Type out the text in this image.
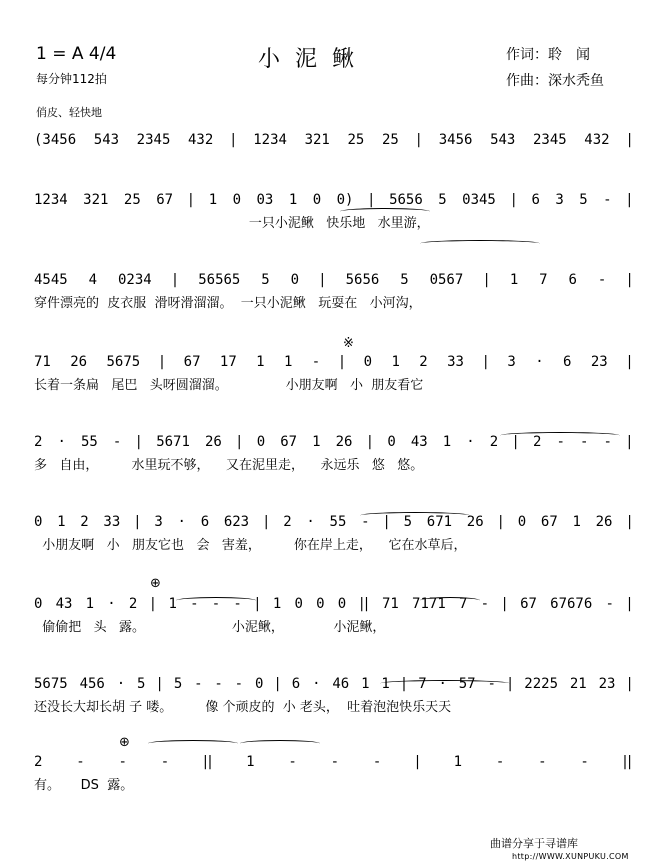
1 = A 4/4
每分钟112拍
小 泥 鳅	作词：聆　闻
作曲：深水秃鱼
俏皮、轻快地
(3456 543 2345 432 | 1234 321 25 25 | 3456 543 2345 432 |
1234 321 25 67 | 1 0 03 1 0 0) | 5656 5 0345 | 6 3 5 - |
一只小泥鳅   快乐地   水里游，
4545 4 0234 | 56565 5 0 | 5656 5 0567 | 1 7 6 - |
穿件漂亮的  皮衣服  滑呀滑溜溜。  一只小泥鳅   玩耍在   小河沟，
71 26 5675 | 67 17 1 1 - | 0 1 2 33 | 3 · 6 23 |
长着一条扁   尾巴   头呀圆溜溜。              小朋友啊   小  朋友看它
2 · 55 - | 5671 26 | 0 67 1 26 | 0 43 1 · 2 | 2 - - - |
多   自由，        水里玩不够，    又在泥里走，    永远乐   悠   悠。
0 1 2 33 | 3 · 6 623 | 2 · 55 - | 5 671 26 | 0 67 1 26 |
小朋友啊   小   朋友它也   会   害羞，        你在岸上走，    它在水草后，
0 43 1 · 2 | 1 - - - | 1 0 0 0 || 71 7171 7 - | 67 67676 - |
偷偷把   头   露。                     小泥鳅，            小泥鳅，
5675 456 · 5 | 5 - - - 0 | 6 · 46 1 1 | 7 · 57 - | 2225 21 23 |
还没长大却长胡 子 喽。        像 个顽皮的  小 老头，  吐着泡泡快乐天天
2 - - - || 1 - - - | 1 - - - ||
有。     DS  露。
※
⊕
⊕
曲谱分享于寻谱库
http://WWW.XUNPUKU.COM
